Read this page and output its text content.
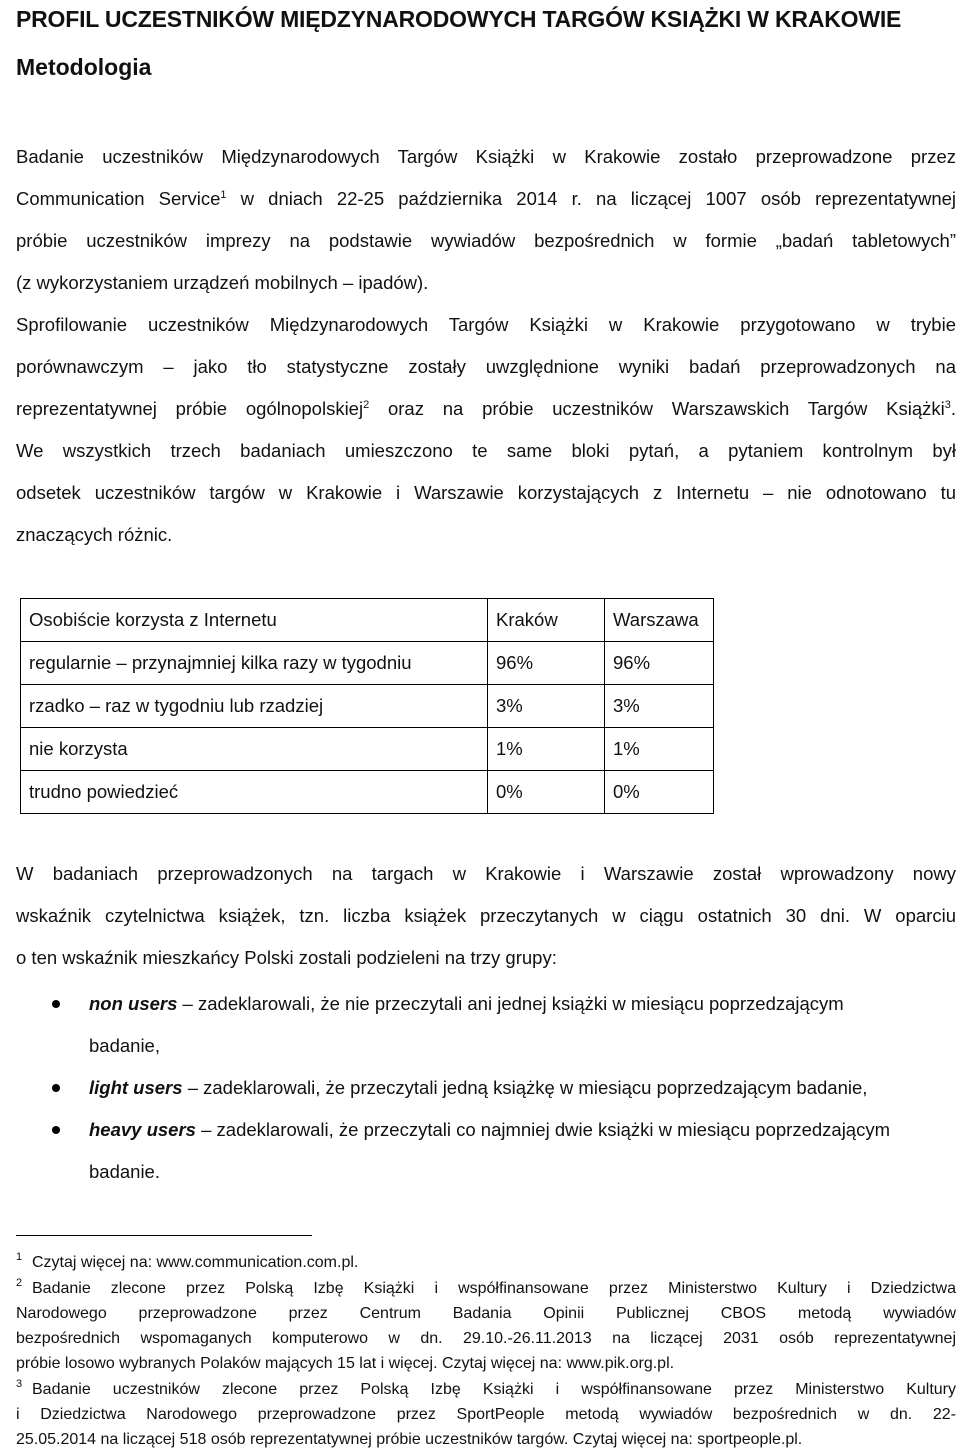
PROFIL UCZESTNIKÓW MIĘDZYNARODOWYCH TARGÓW KSIĄŻKI W KRAKOWIE
Metodologia
Badanie uczestników Międzynarodowych Targów Książki w Krakowie zostało przeprowadzone przez
Communication Service$^1$ w dniach 22-25 października 2014 r. na liczącej 1007 osób reprezentatywnej
próbie uczestników imprezy na podstawie wywiadów bezpośrednich w formie „badań tabletowych”
(z wykorzystaniem urządzeń mobilnych – ipadów).
Sprofilowanie uczestników Międzynarodowych Targów Książki w Krakowie przygotowano w trybie
porównawczym – jako tło statystyczne zostały uwzględnione wyniki badań przeprowadzonych na
reprezentatywnej próbie ogólnopolskiej$^2$ oraz na próbie uczestników Warszawskich Targów Książki$^3$.
We wszystkich trzech badaniach umieszczono te same bloki pytań, a pytaniem kontrolnym był
odsetek uczestników targów w Krakowie i Warszawie korzystających z Internetu – nie odnotowano tu
znaczących różnic.
Osobiście korzysta z Internetu	Kraków	Warszawa
regularnie – przynajmniej kilka razy w tygodniu	96%	96%
rzadko – raz w tygodniu lub rzadziej	3%	3%
nie korzysta	1%	1%
trudno powiedzieć	0%	0%
W badaniach przeprowadzonych na targach w Krakowie i Warszawie został wprowadzony nowy
wskaźnik czytelnictwa książek, tzn. liczba książek przeczytanych w ciągu ostatnich 30 dni. W oparciu
o ten wskaźnik mieszkańcy Polski zostali podzieleni na trzy grupy:
non users – zadeklarowali, że nie przeczytali ani jednej książki w miesiącu poprzedzającym badanie,
light users – zadeklarowali, że przeczytali jedną książkę w miesiącu poprzedzającym badanie,
heavy users – zadeklarowali, że przeczytali co najmniej dwie książki w miesiącu poprzedzającym badanie.
1 Czytaj więcej na: www.communication.com.pl.
2 Badanie zlecone przez Polską Izbę Książki i współfinansowane przez Ministerstwo Kultury i Dziedzictwa
Narodowego przeprowadzone przez Centrum Badania Opinii Publicznej CBOS metodą wywiadów
bezpośrednich wspomaganych komputerowo w dn. 29.10.-26.11.2013 na liczącej 2031 osób reprezentatywnej
próbie losowo wybranych Polaków mających 15 lat i więcej. Czytaj więcej na: www.pik.org.pl.
3 Badanie uczestników zlecone przez Polską Izbę Książki i współfinansowane przez Ministerstwo Kultury
i Dziedzictwa Narodowego przeprowadzone przez SportPeople metodą wywiadów bezpośrednich w dn. 22-
25.05.2014 na liczącej 518 osób reprezentatywnej próbie uczestników targów. Czytaj więcej na: sportpeople.pl.
